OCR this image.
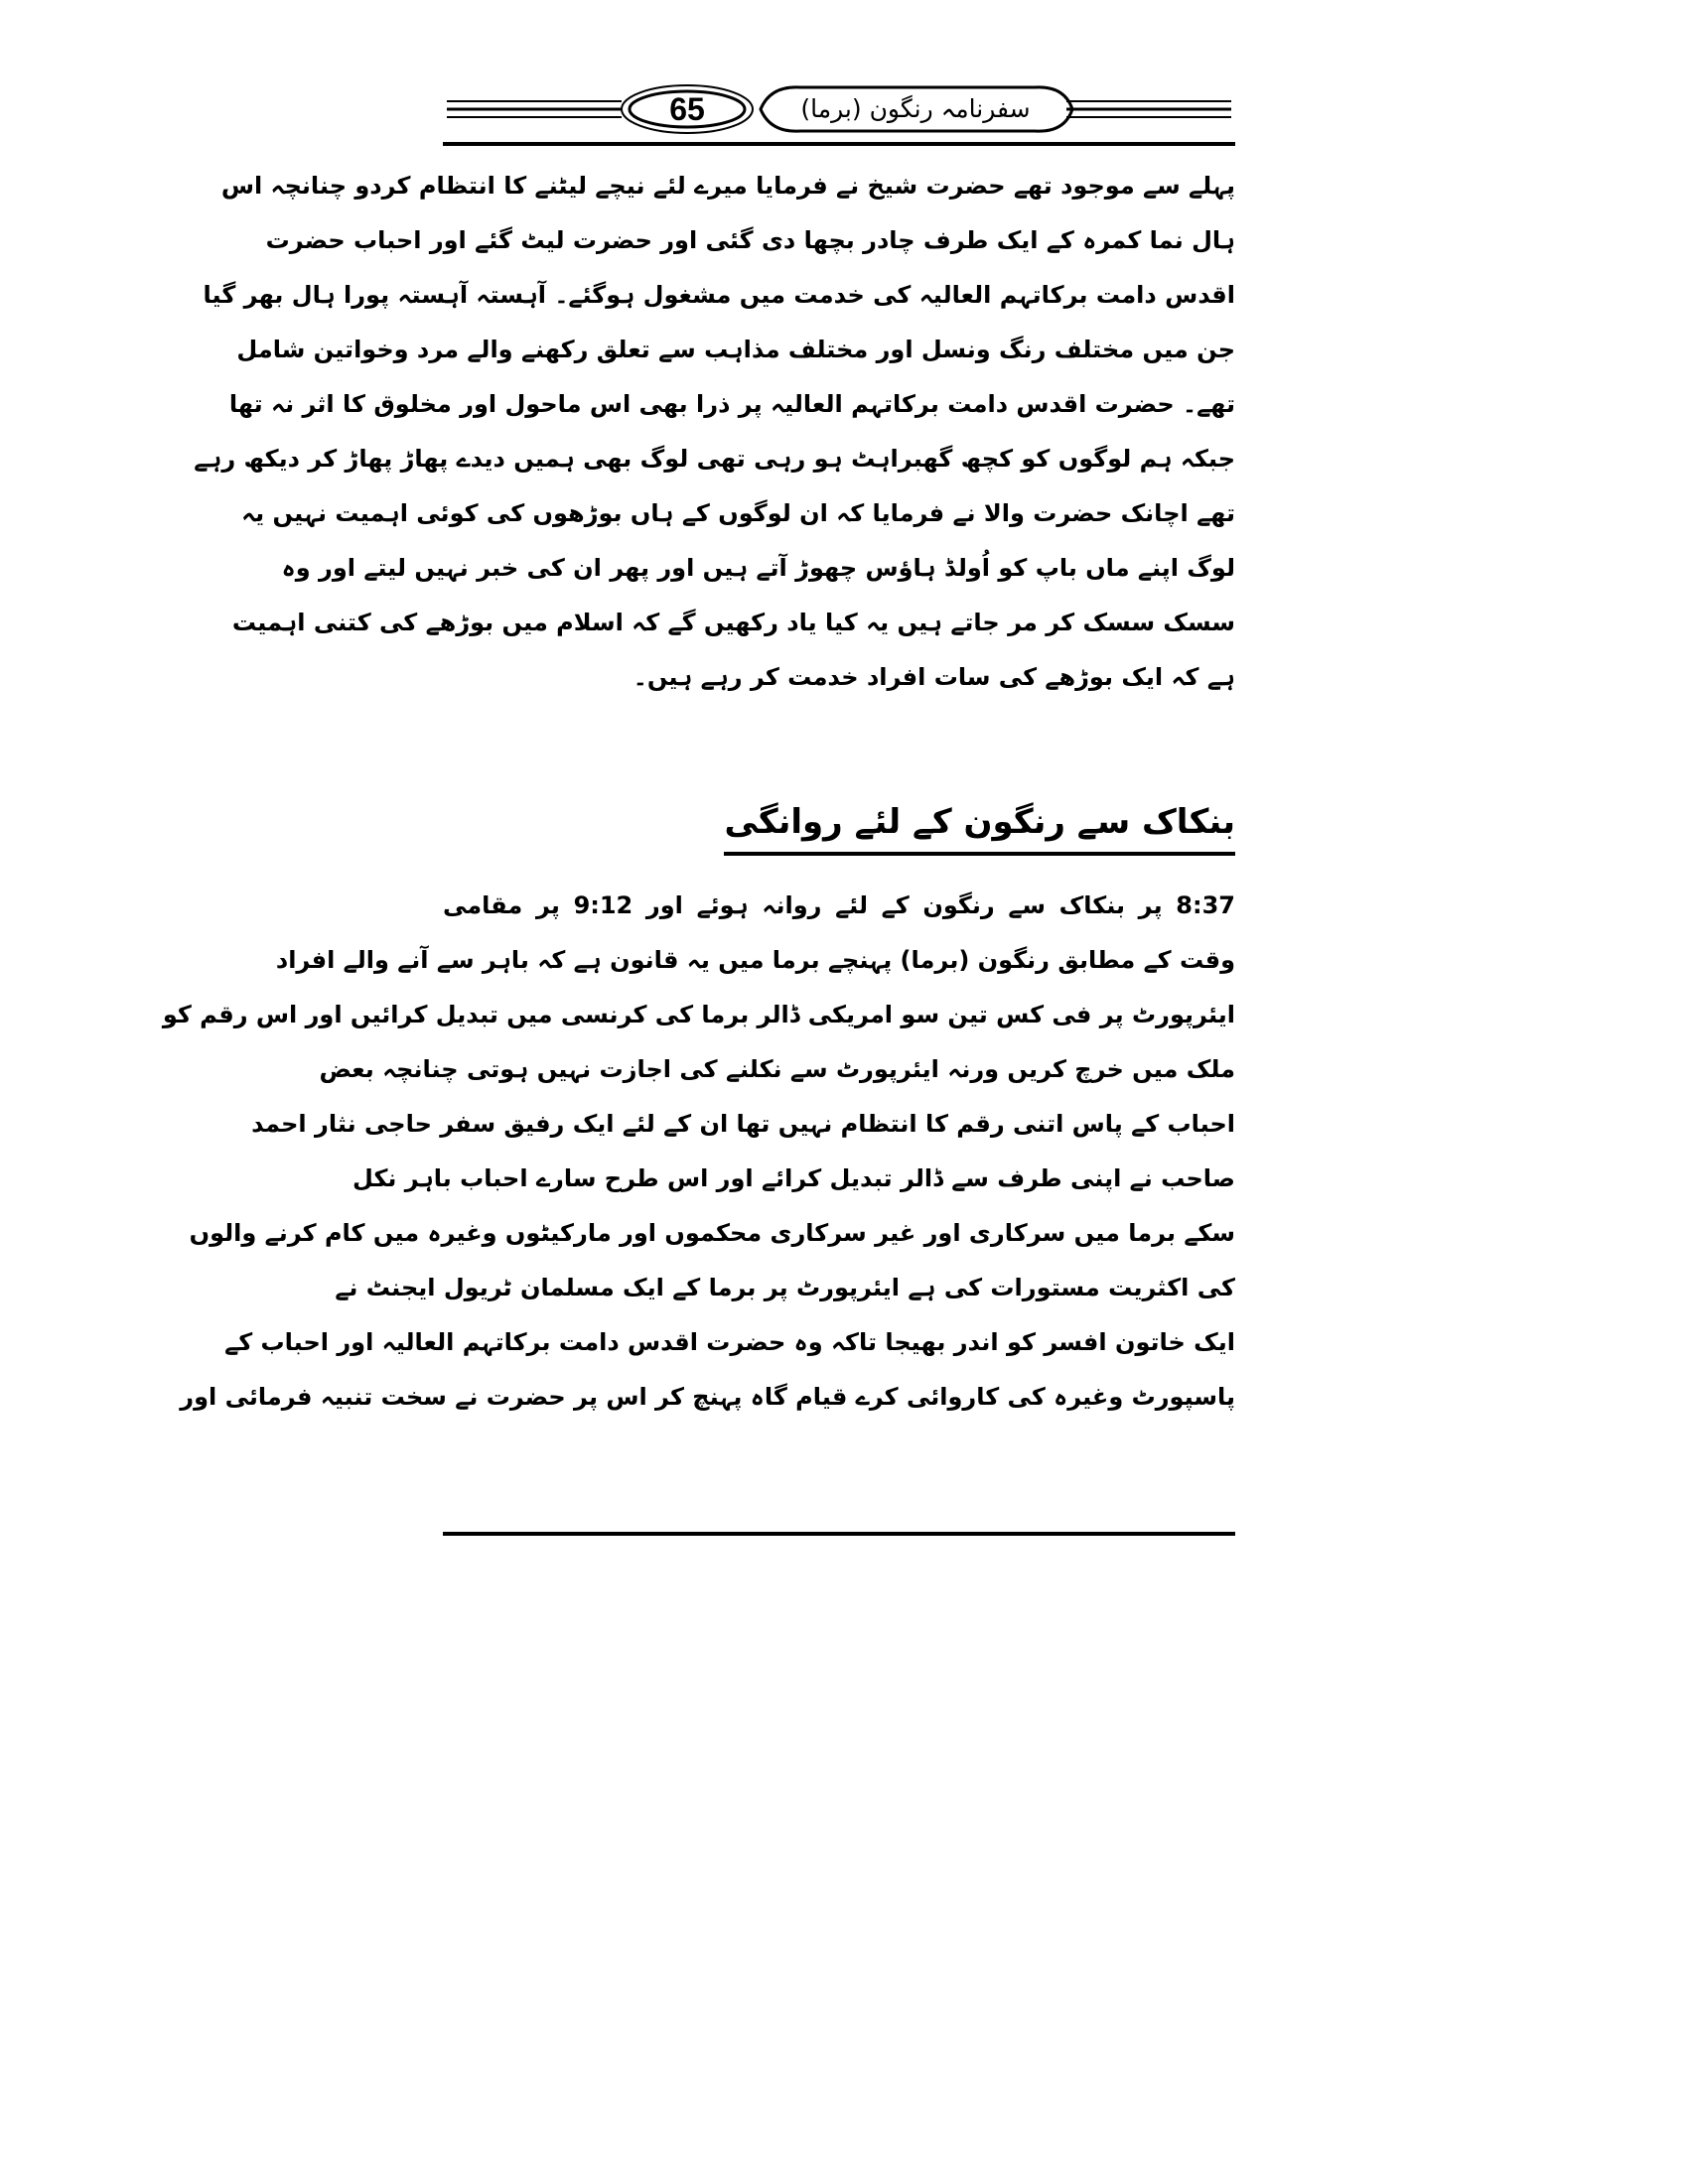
65	سفرنامہ رنگون (برما)
پہلے سے موجود تھے حضرت شیخ نے فرمایا میرے لئے نیچے لیٹنے کا انتظام کردو چنانچہ اس
ہال نما کمرہ کے ایک طرف چادر بچھا دی گئی اور حضرت لیٹ گئے اور احباب حضرت
اقدس دامت برکاتہم العالیہ کی خدمت میں مشغول ہوگئے۔ آہستہ آہستہ پورا ہال بھر گیا
جن میں مختلف رنگ ونسل اور مختلف مذاہب سے تعلق رکھنے والے مرد وخواتین شامل
تھے۔ حضرت اقدس دامت برکاتہم العالیہ پر ذرا بھی اس ماحول اور مخلوق کا اثر نہ تھا
جبکہ ہم لوگوں کو کچھ گھبراہٹ ہو رہی تھی لوگ بھی ہمیں دیدے پھاڑ پھاڑ کر دیکھ رہے
تھے اچانک حضرت والا نے فرمایا کہ ان لوگوں کے ہاں بوڑھوں کی کوئی اہمیت نہیں یہ
لوگ اپنے ماں باپ کو اُولڈ ہاؤس چھوڑ آتے ہیں اور پھر ان کی خبر نہیں لیتے اور وہ
سسک سسک کر مر جاتے ہیں یہ کیا یاد رکھیں گے کہ اسلام میں بوڑھے کی کتنی اہمیت
ہے کہ ایک بوڑھے کی سات افراد خدمت کر رہے ہیں۔
بنکاک سے رنگون کے لئے روانگی
8:37 پر بنکاک سے رنگون کے لئے روانہ ہوئے اور 9:12 پر مقامی
وقت کے مطابق رنگون (برما) پہنچے برما میں یہ قانون ہے کہ باہر سے آنے والے افراد
ایئرپورٹ پر فی کس تین سو امریکی ڈالر برما کی کرنسی میں تبدیل کرائیں اور اس رقم کو
ملک میں خرچ کریں ورنہ ایئرپورٹ سے نکلنے کی اجازت نہیں ہوتی چنانچہ بعض
احباب کے پاس اتنی رقم کا انتظام نہیں تھا ان کے لئے ایک رفیق سفر حاجی نثار احمد
صاحب نے اپنی طرف سے ڈالر تبدیل کرائے اور اس طرح سارے احباب باہر نکل
سکے برما میں سرکاری اور غیر سرکاری محکموں اور مارکیٹوں وغیرہ میں کام کرنے والوں
کی اکثریت مستورات کی ہے ایئرپورٹ پر برما کے ایک مسلمان ٹریول ایجنٹ نے
ایک خاتون افسر کو اندر بھیجا تاکہ وہ حضرت اقدس دامت برکاتہم العالیہ اور احباب کے
پاسپورٹ وغیرہ کی کاروائی کرے قیام گاہ پہنچ کر اس پر حضرت نے سخت تنبیہ فرمائی اور
